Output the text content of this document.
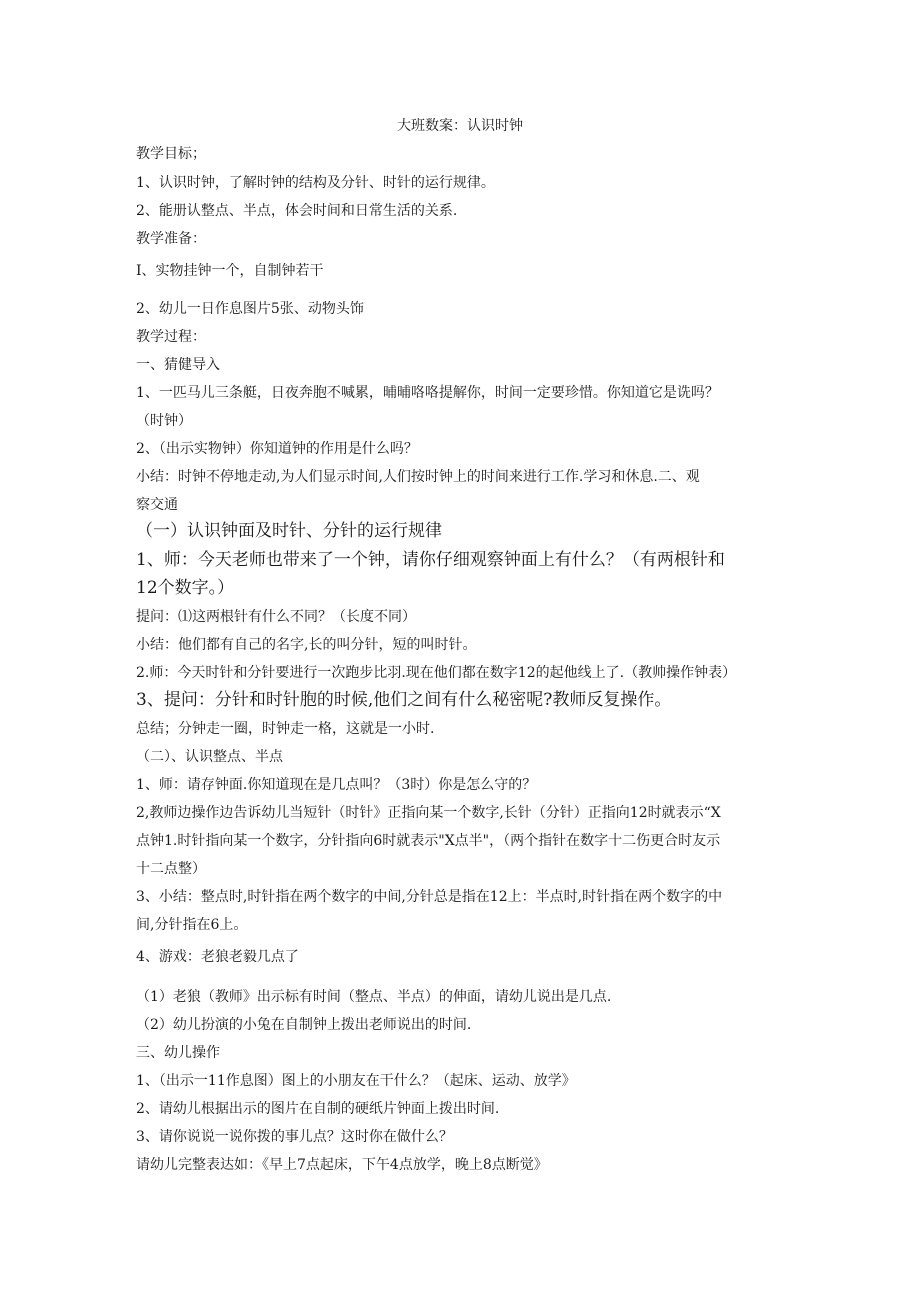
大班数案：认识时钟
教学目标；
1、认识时钟，了解时钟的结构及分针、时针的运行规律。
2、能册认整点、半点，体会时间和日常生活的关系.
教学准备：
I、实物挂钟一个，自制钟若干
2、幼儿一日作息图片5张、动物头饰
教学过程：
一、猜健导入
1、一匹马儿三条艇，日夜奔胞不喊累，晡晡咯咯提解你，时间一定要珍惜。你知道它是诜吗？
（时钟）
2、（出示实物钟）你知道钟的作用是什么吗？
小结：时钟不停地走动,为人们显示时间,人们按时钟上的时间来进行工作.学习和休息.二、观
察交通
（一）认识钟面及时针、分针的运行规律
1、师：今天老师也带来了一个钟，请你仔细观察钟面上有什么？（有两根针和
12个数字。）
提问：⑴这两根针有什么不同？（长度不同）
小结：他们都有自己的名字,长的叫分针，短的叫时针。
2.师：今天时针和分针要进行一次跑步比羽.现在他们都在数字12的起他线上了.（教帅操作钟表）
3、提问：分针和时针胞的时候,他们之间有什么秘密呢?教师反复操作。
总结；分钟走一圈，时钟走一格，这就是一小时.
（二）、认识整点、半点
1、师：请存钟面.你知道现在是几点叫？（3时）你是怎么守的？
2,教师边操作边告诉幼儿当短针（时针》正指向某一个数字,长针（分针）正指向12时就表示“X
点钟1.时针指向某一个数字，分针指向6时就表示"X点半"，（两个指针在数字十二伤更合时友示
十二点整）
3、小结：整点时,时针指在两个数字的中间,分针总是指在12上：半点时,时针指在两个数字的中
间,分针指在6上。
4、游戏：老狼老毅几点了
（1）老狼（教师》出示标有时间（整点、半点）的伸面，请幼儿说出是几点.
（2）幼儿扮演的小兔在自制钟上拨出老师说出的时间.
三、幼儿操作
1、（出示一11作息图）图上的小朋友在干什么？（起床、运动、放学》
2、请幼儿根据出示的图片在自制的硬纸片钟面上拨出时间.
3、请你说说一说你拨的事儿点？这时你在做什么？
请幼儿完整表达如：《早上7点起床，下午4点放学，晚上8点断觉》
